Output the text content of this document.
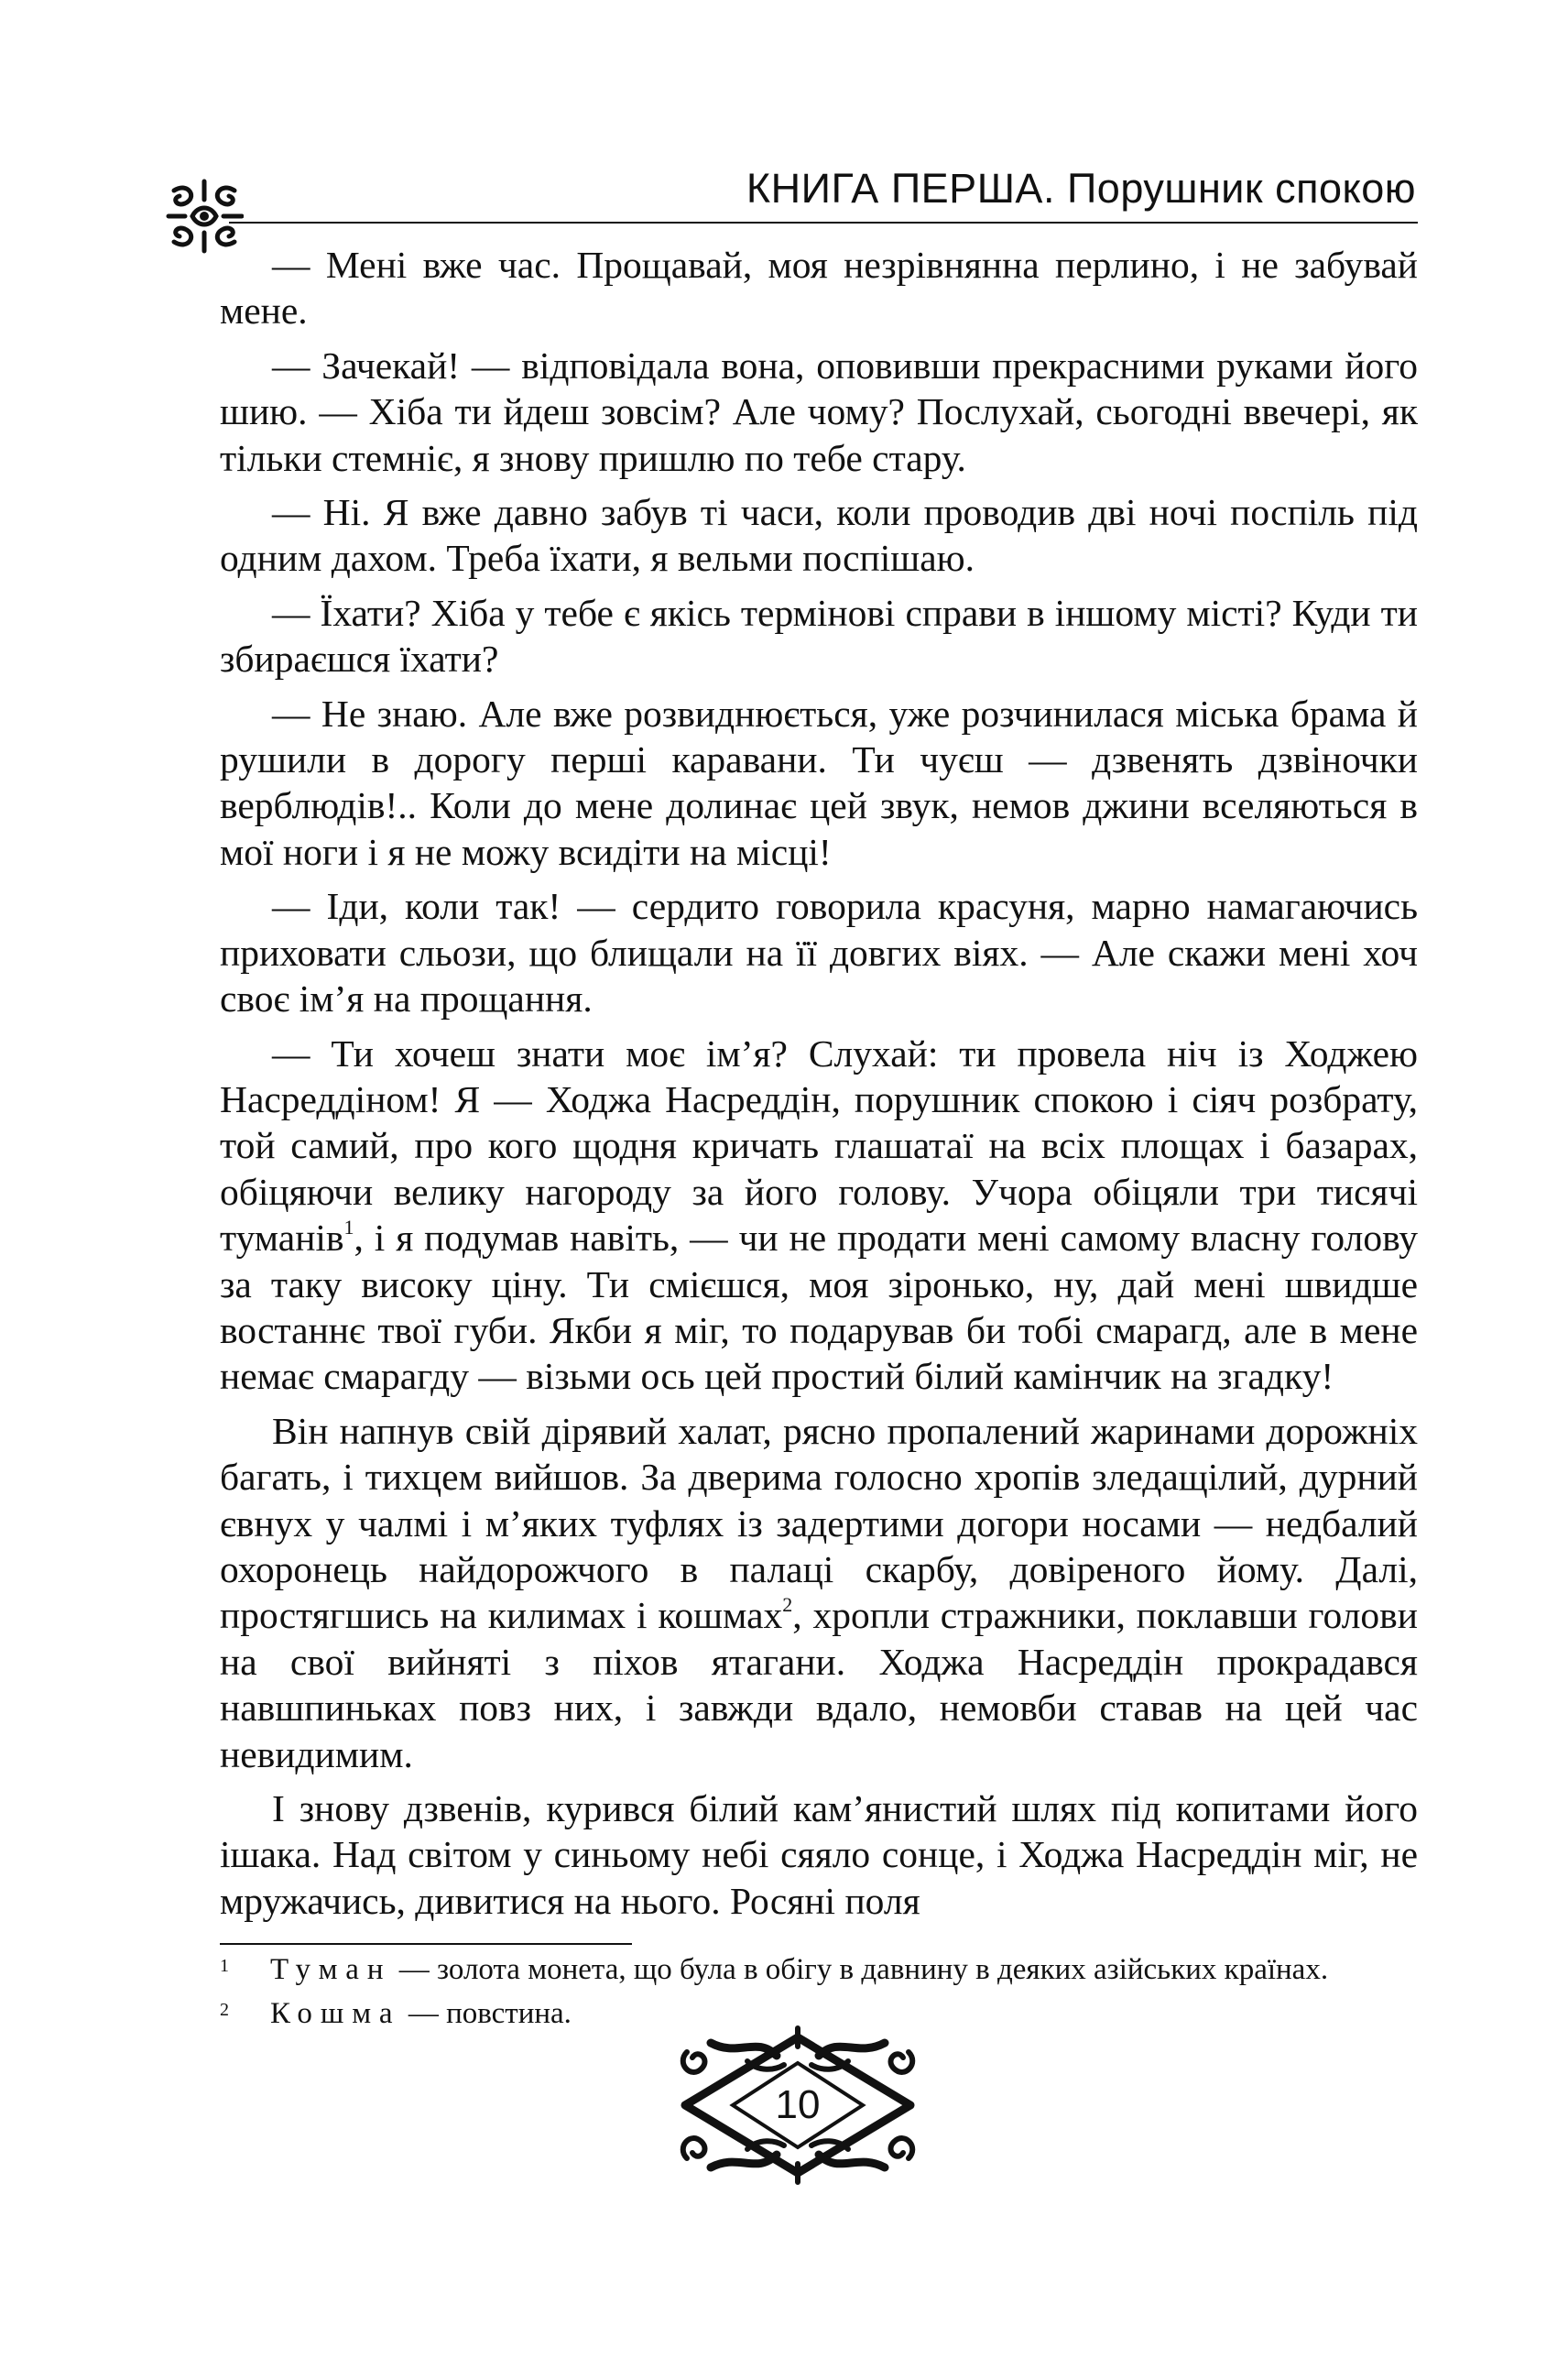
КНИГА ПЕРША. Порушник спокою

— Мені вже час. Прощавай, моя незрівнянна перлино, і не забувай мене.

— Зачекай! — відповідала вона, оповивши прекрасними руками його шию. — Хіба ти йдеш зовсім? Але чому? Послухай, сьогодні ввечері, як тільки стемніє, я знову пришлю по тебе стару.

— Ні. Я вже давно забув ті часи, коли проводив дві ночі поспіль під одним дахом. Треба їхати, я вельми поспішаю.

— Їхати? Хіба у тебе є якісь термінові справи в іншому місті? Куди ти збираєшся їхати?

— Не знаю. Але вже розвиднюється, уже розчинилася міська брама й рушили в дорогу перші каравани. Ти чуєш — дзвенять дзвіночки верблюдів!.. Коли до мене долинає цей звук, немов джини вселяються в мої ноги і я не можу всидіти на місці!

— Іди, коли так! — сердито говорила красуня, марно намагаючись приховати сльози, що блищали на її довгих віях. — Але скажи мені хоч своє ім’я на прощання.

— Ти хочеш знати моє ім’я? Слухай: ти провела ніч із Ходжею Насреддіном! Я — Ходжа Насреддін, порушник спокою і сіяч розбрату, той самий, про кого щодня кричать глашатаї на всіх площах і базарах, обіцяючи велику нагороду за його голову. Учора обіцяли три тисячі туманів$^1$, і я подумав навіть, — чи не продати мені самому власну голову за таку високу ціну. Ти смієшся, моя зіронько, ну, дай мені швидше востаннє твої губи. Якби я міг, то подарував би тобі смарагд, але в мене немає смарагду — візьми ось цей простий білий камінчик на згадку!

Він напнув свій дірявий халат, рясно пропалений жаринами дорожніх багать, і тихцем вийшов. За дверима голосно хропів зледащілий, дурний євнух у чалмі і м’яких туфлях із задертими догори носами — недбалий охоронець найдорожчого в палаці скарбу, довіреного йому. Далі, простягшись на килимах і кошмах$^2$, хропли стражники, поклавши голови на свої вийняті з піхов ятагани. Ходжа Насреддін прокрадався навшпиньках повз них, і завжди вдало, немовби ставав на цей час невидимим.

І знову дзвенів, курився білий кам’янистий шлях під копитами його ішака. Над світом у синьому небі сяяло сонце, і Ходжа Насреддін міг, не мружачись, дивитися на нього. Росяні поля

1 Туман — золота монета, що була в обігу в давнину в деяких азійських країнах.
2 Кошма — повстина.
10
